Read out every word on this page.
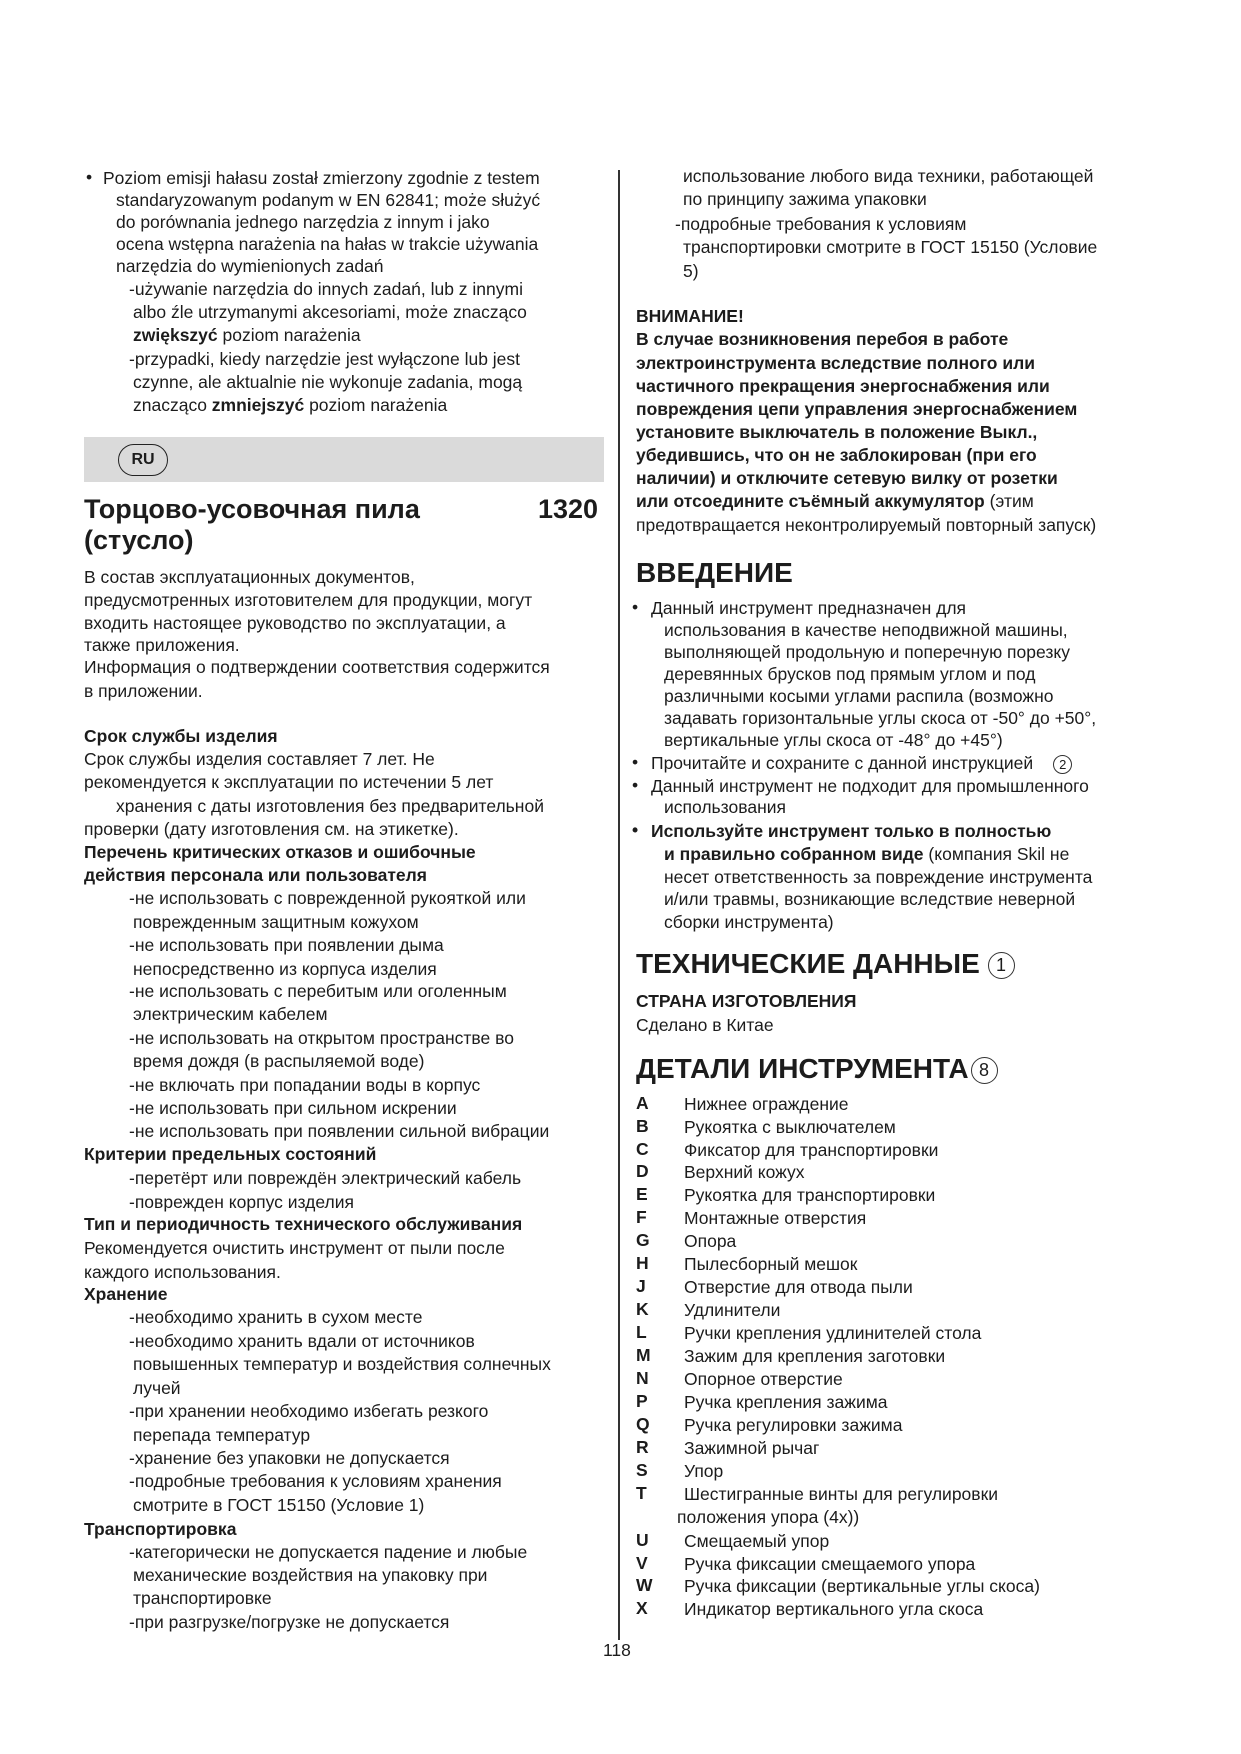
• Poziom emisji hałasu został zmierzony zgodnie z testem
standaryzowanym podanym w EN 62841; może służyć
do porównania jednego narzędzia z innym i jako
ocena wstępna narażenia na hałas w trakcie używania
narzędzia do wymienionych zadań
-używanie narzędzia do innych zadań, lub z innymi
albo źle utrzymanymi akcesoriami, może znacząco
zwiększyć poziom narażenia
-przypadki, kiedy narzędzie jest wyłączone lub jest
czynne, ale aktualnie nie wykonuje zadania, mogą
znacząco zmniejszyć poziom narażenia
RU
Торцово-усовочная пила
(стусло)
1320
В состав эксплуатационных документов,
предусмотренных изготовителем для продукции, могут
входить настоящее руководство по эксплуатации, а
также приложения.
Информация о подтверждении соответствия содержится
в приложении.
Срок службы изделия
Срок службы изделия составляет 7 лет. Не
рекомендуется к эксплуатации по истечении 5 лет
хранения с даты изготовления без предварительной
проверки (дату изготовления см. на этикетке).
Перечень критических отказов и ошибочные
действия персонала или пользователя
-не использовать с поврежденной рукояткой или
поврежденным защитным кожухом
-не использовать при появлении дыма
непосредственно из корпуса изделия
-не использовать с перебитым или оголенным
электрическим кабелем
-не использовать на открытом пространстве во
время дождя (в распыляемой воде)
-не включать при попадании воды в корпус
-не использовать при сильном искрении
-не использовать при появлении сильной вибрации
Критерии предельных состояний
-перетёрт или повреждён электрический кабель
-поврежден корпус изделия
Тип и периодичность технического обслуживания
Рекомендуется очистить инструмент от пыли после
каждого использования.
Хранение
-необходимо хранить в сухом месте
-необходимо хранить вдали от источников
повышенных температур и воздействия солнечных
лучей
-при хранении необходимо избегать резкого
перепада температур
-хранение без упаковки не допускается
-подробные требования к условиям хранения
смотрите в ГОСТ 15150 (Условие 1)
Транспортировка
-категорически не допускается падение и любые
механические воздействия на упаковку при
транспортировке
-при разгрузке/погрузке не допускается
использование любого вида техники, работающей
по принципу зажима упаковки
-подробные требования к условиям
транспортировки смотрите в ГОСТ 15150 (Условие
5)
ВНИМАНИЕ!
В случае возникновения перебоя в работе
электроинструмента вследствие полного или
частичного прекращения энергоснабжения или
повреждения цепи управления энергоснабжением
установите выключатель в положение Выкл.,
убедившись, что он не заблокирован (при его
наличии) и отключите сетевую вилку от розетки
или отсоедините съёмный аккумулятор (этим
предотвращается неконтролируемый повторный запуск)
ВВЕДЕНИЕ
• Данный инструмент предназначен для
использования в качестве неподвижной машины,
выполняющей продольную и поперечную порезку
деревянных брусков под прямым углом и под
различными косыми углами распила (возможно
задавать горизонтальные углы скоса от -50° до +50°,
вертикальные углы скоса от -48° до +45°)
• Прочитайте и сохраните с данной инструкцией 2
• Данный инструмент не подходит для промышленного
использования
• Используйте инструмент только в полностью
и правильно собранном виде (компания Skil не
несет ответственность за повреждение инструмента
и/или травмы, возникающие вследствие неверной
сборки инструмента)
ТЕХНИЧЕСКИЕ ДАННЫЕ 1
СТРАНА ИЗГОТОВЛЕНИЯ
Сделано в Китае
ДЕТАЛИ ИНСТРУМЕНТА 8
A Нижнее ограждение
B Рукоятка с выключателем
C Фиксатор для транспортировки
D Верхний кожух
E Рукоятка для транспортировки
F Монтажные отверстия
G Опора
H Пылесборный мешок
J Отверстие для отвода пыли
K Удлинители
L Ручки крепления удлинителей стола
M Зажим для крепления заготовки
N Опорное отверстие
P Ручка крепления зажима
Q Ручка регулировки зажима
R Зажимной рычаг
S Упор
T Шестигранные винты для регулировки
положения упора (4x))
U Смещаемый упор
V Ручка фиксации смещаемого упора
W Ручка фиксации (вертикальные углы скоса)
X Индикатор вертикального угла скоса
118
